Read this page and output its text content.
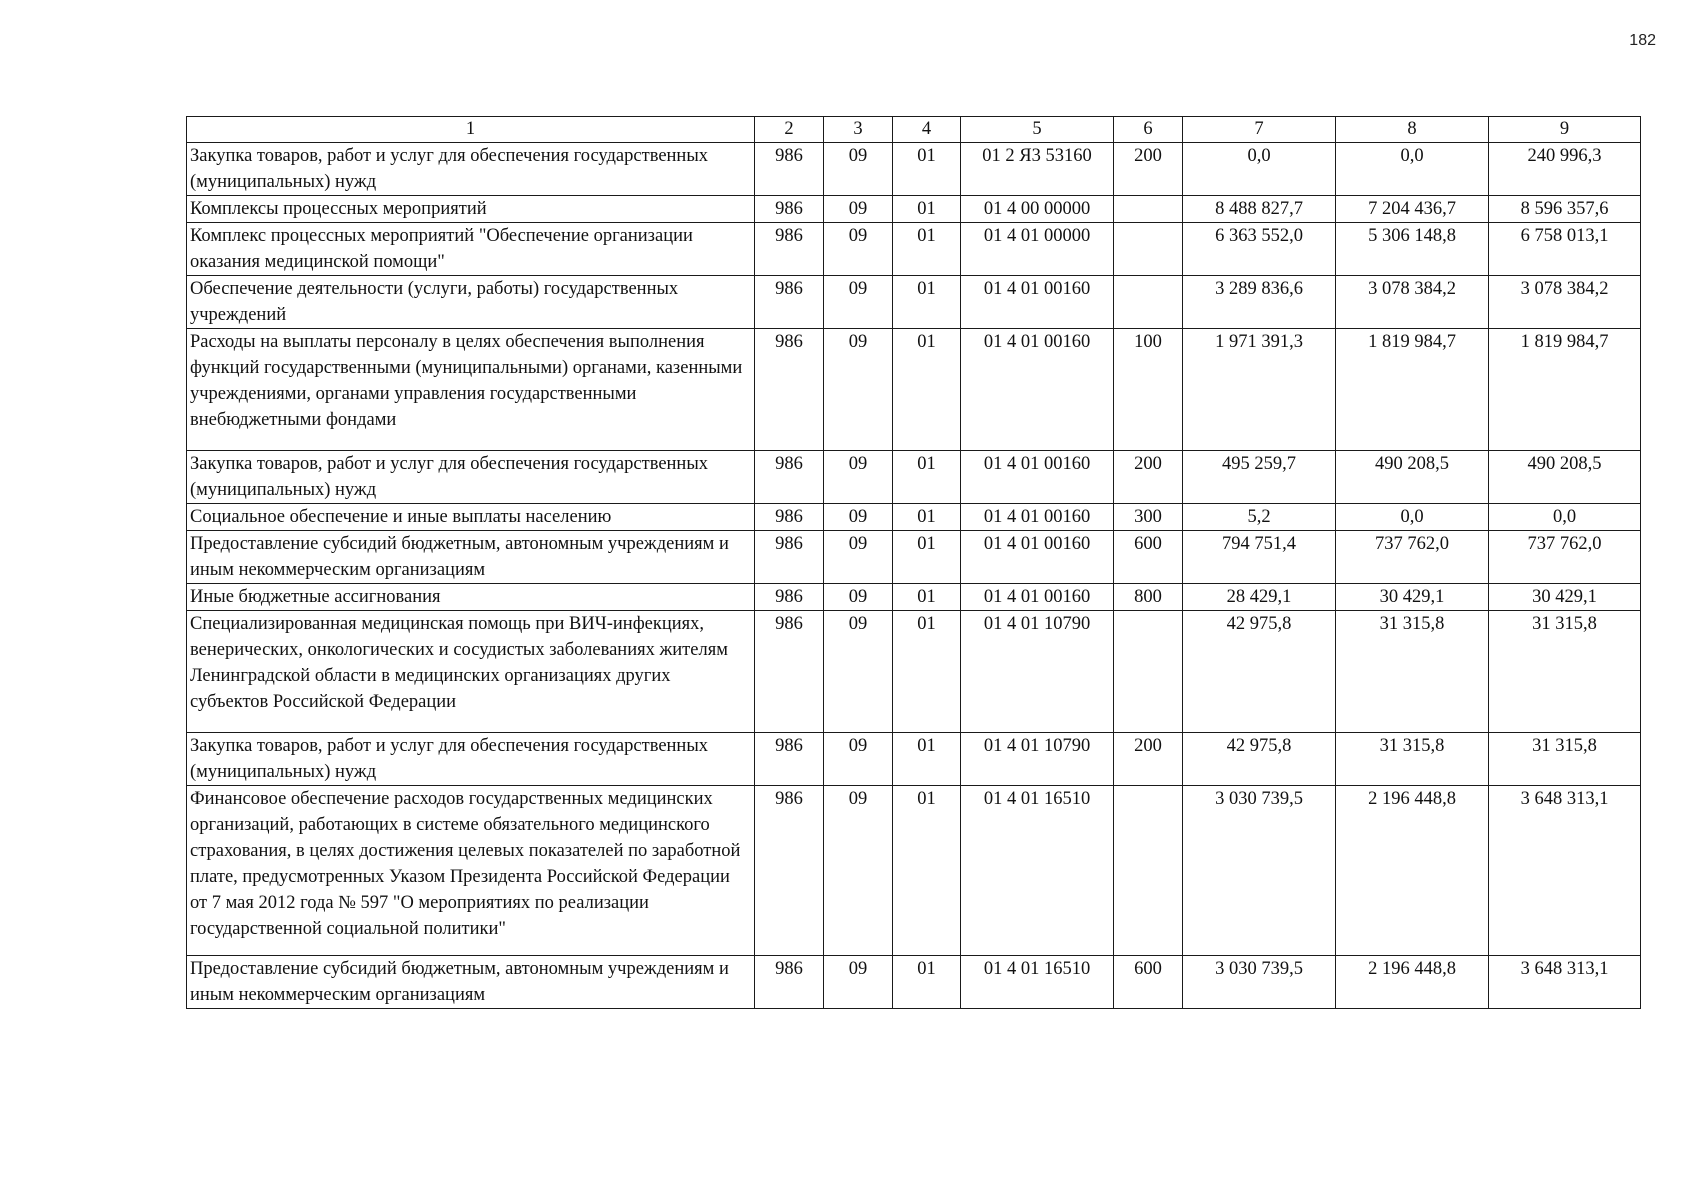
182
1	2	3	4	5	6	7	8	9
Закупка товаров, работ и услуг для обеспечения государственных (муниципальных) нужд	986	09	01	01 2 Я3 53160	200	0,0	0,0	240 996,3
Комплексы процессных мероприятий	986	09	01	01 4 00 00000		8 488 827,7	7 204 436,7	8 596 357,6
Комплекс процессных мероприятий "Обеспечение организации оказания медицинской помощи"	986	09	01	01 4 01 00000		6 363 552,0	5 306 148,8	6 758 013,1
Обеспечение деятельности (услуги, работы) государственных учреждений	986	09	01	01 4 01 00160		3 289 836,6	3 078 384,2	3 078 384,2
Расходы на выплаты персоналу в целях обеспечения выполнения функций государственными (муниципальными) органами, казенными учреждениями, органами управления государственными внебюджетными фондами	986	09	01	01 4 01 00160	100	1 971 391,3	1 819 984,7	1 819 984,7
Закупка товаров, работ и услуг для обеспечения государственных (муниципальных) нужд	986	09	01	01 4 01 00160	200	495 259,7	490 208,5	490 208,5
Социальное обеспечение и иные выплаты населению	986	09	01	01 4 01 00160	300	5,2	0,0	0,0
Предоставление субсидий бюджетным, автономным учреждениям и иным некоммерческим организациям	986	09	01	01 4 01 00160	600	794 751,4	737 762,0	737 762,0
Иные бюджетные ассигнования	986	09	01	01 4 01 00160	800	28 429,1	30 429,1	30 429,1
Специализированная медицинская помощь при ВИЧ-инфекциях, венерических, онкологических и сосудистых заболеваниях жителям Ленинградской области в медицинских организациях других субъектов Российской Федерации	986	09	01	01 4 01 10790		42 975,8	31 315,8	31 315,8
Закупка товаров, работ и услуг для обеспечения государственных (муниципальных) нужд	986	09	01	01 4 01 10790	200	42 975,8	31 315,8	31 315,8
Финансовое обеспечение расходов государственных медицинских организаций, работающих в системе обязательного медицинского страхования, в целях достижения целевых показателей по заработной плате, предусмотренных Указом Президента Российской Федерации от 7 мая 2012 года № 597 "О мероприятиях по реализации государственной социальной политики"	986	09	01	01 4 01 16510		3 030 739,5	2 196 448,8	3 648 313,1
Предоставление субсидий бюджетным, автономным учреждениям и иным некоммерческим организациям	986	09	01	01 4 01 16510	600	3 030 739,5	2 196 448,8	3 648 313,1
